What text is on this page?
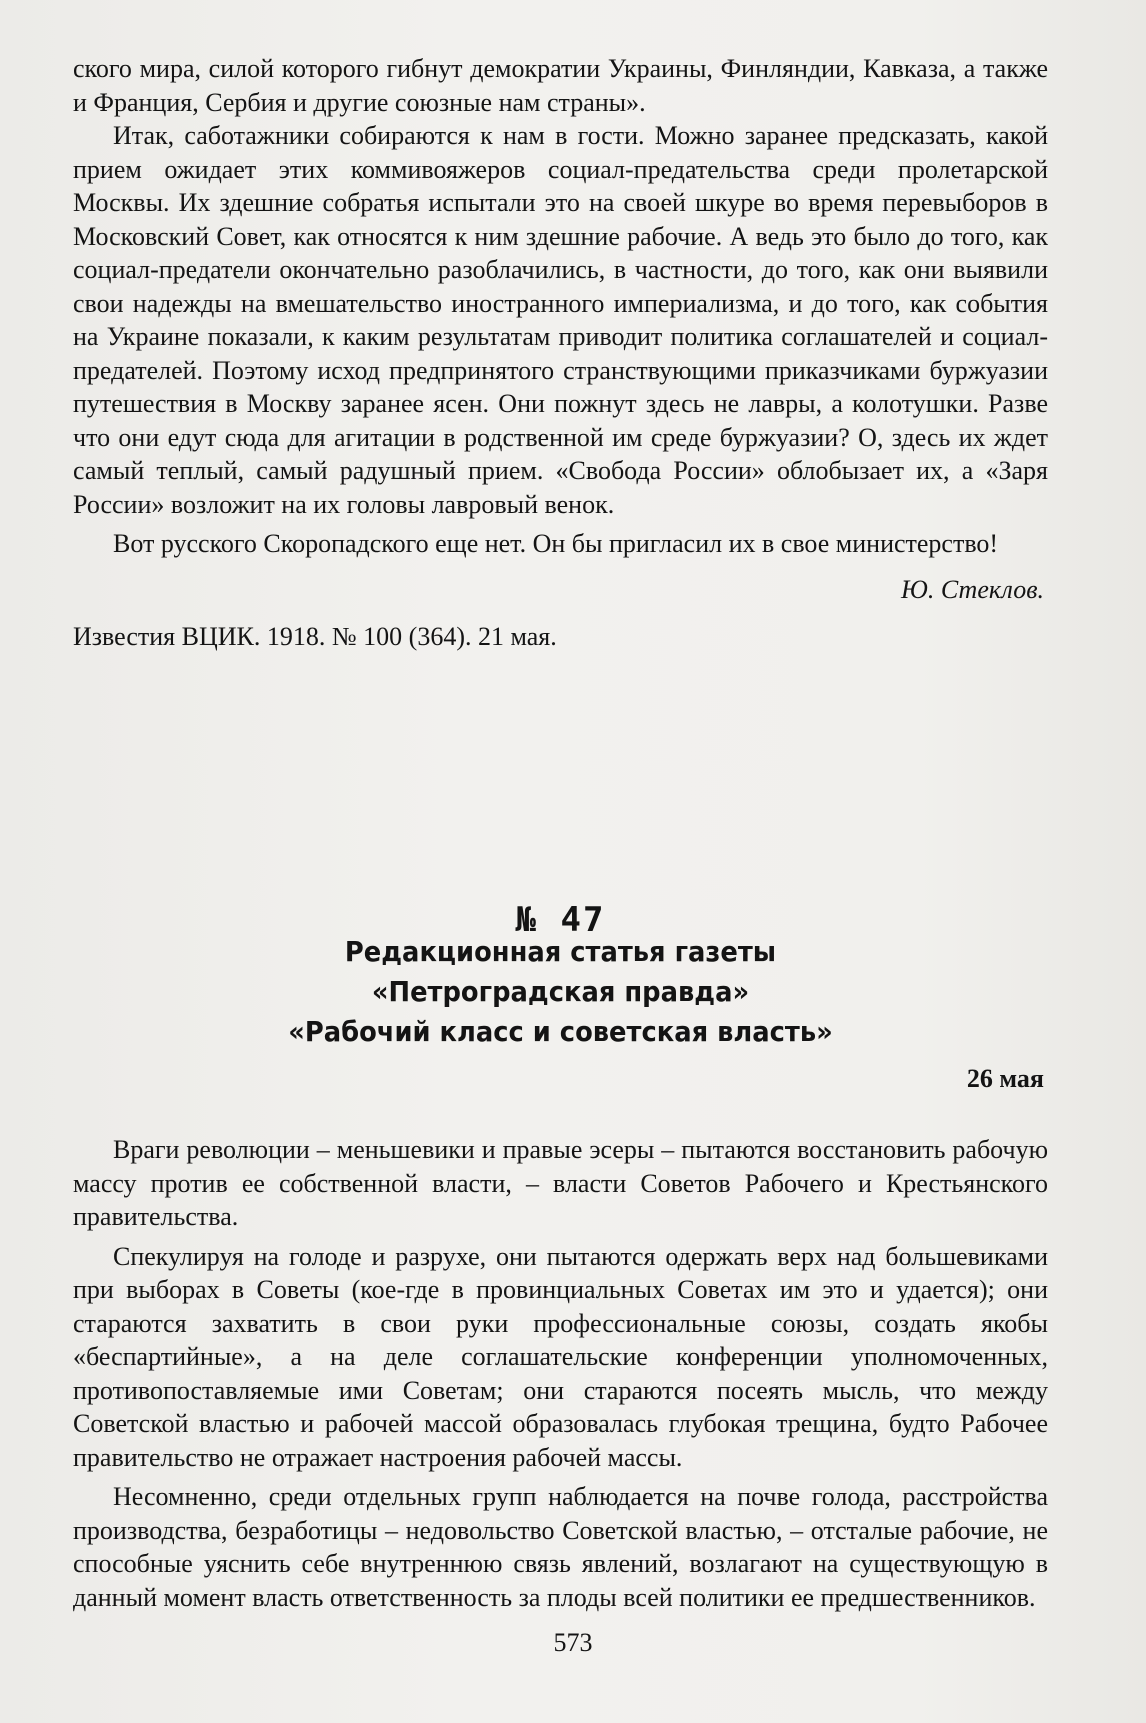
ского мира, силой которого гибнут демократии Украины, Финляндии, Кавказа, а также и Франция, Сербия и другие союзные нам страны».

Итак, саботажники собираются к нам в гости. Можно заранее предсказать, какой прием ожидает этих коммивояжеров социал-предательства среди пролетарской Москвы. Их здешние собратья испытали это на своей шкуре во время перевыборов в Московский Совет, как относятся к ним здешние рабочие. А ведь это было до того, как социал-предатели окончательно разоблачились, в частности, до того, как они выявили свои надежды на вмешательство иностранного империализма, и до того, как события на Украине показали, к каким результатам приводит политика соглашателей и социал-предателей. Поэтому исход предпринятого странствующими приказчиками буржуазии путешествия в Москву заранее ясен. Они пожнут здесь не лавры, а колотушки. Разве что они едут сюда для агитации в родственной им среде буржуазии? О, здесь их ждет самый теплый, самый радушный прием. «Свобода России» облобызает их, а «Заря России» возложит на их головы лавровый венок.

Вот русского Скоропадского еще нет. Он бы пригласил их в свое министерство!

Ю. Стеклов.
Известия ВЦИК. 1918. № 100 (364). 21 мая.
№ 47
Редакционная статья газеты
«Петроградская правда»
«Рабочий класс и советская власть»
26 мая

Враги революции – меньшевики и правые эсеры – пытаются восстановить рабочую массу против ее собственной власти, – власти Советов Рабочего и Крестьянского правительства.

Спекулируя на голоде и разрухе, они пытаются одержать верх над большевиками при выборах в Советы (кое-где в провинциальных Советах им это и удается); они стараются захватить в свои руки профессиональные союзы, создать якобы «беспартийные», а на деле соглашательские конференции уполномоченных, противопоставляемые ими Советам; они стараются посеять мысль, что между Советской властью и рабочей массой образовалась глубокая трещина, будто Рабочее правительство не отражает настроения рабочей массы.

Несомненно, среди отдельных групп наблюдается на почве голода, расстройства производства, безработицы – недовольство Советской властью, – отсталые рабочие, не способные уяснить себе внутреннюю связь явлений, возлагают на существующую в данный момент власть ответственность за плоды всей политики ее предшественников.

573
